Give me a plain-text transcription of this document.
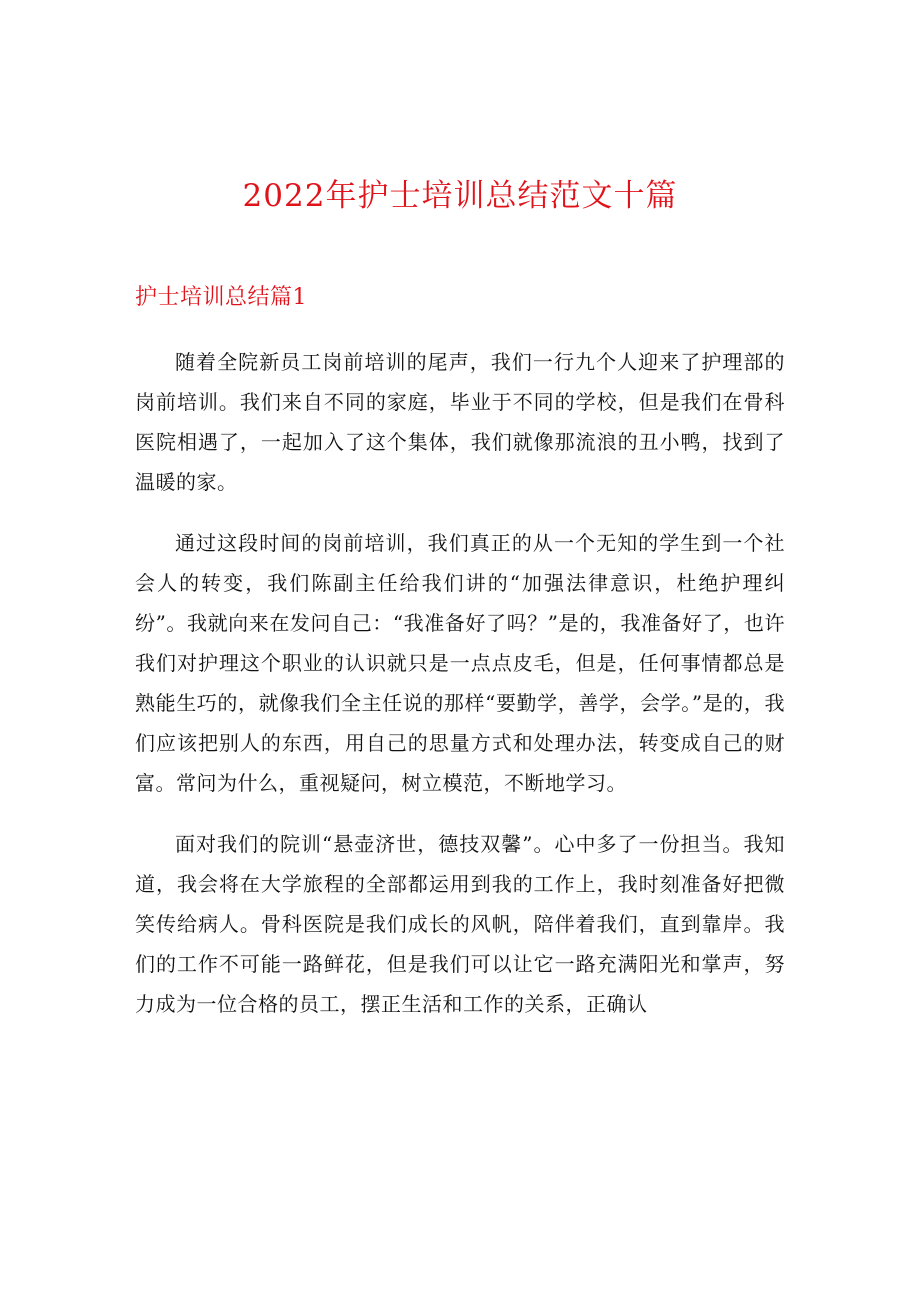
2022年护士培训总结范文十篇
护士培训总结篇1

随着全院新员工岗前培训的尾声，我们一行九个人迎来了护理部的岗前培训。我们来自不同的家庭，毕业于不同的学校，但是我们在骨科医院相遇了，一起加入了这个集体，我们就像那流浪的丑小鸭，找到了温暖的家。

通过这段时间的岗前培训，我们真正的从一个无知的学生到一个社会人的转变，我们陈副主任给我们讲的“加强法律意识，杜绝护理纠纷”。我就向来在发问自己：“我准备好了吗？”是的，我准备好了，也许我们对护理这个职业的认识就只是一点点皮毛，但是，任何事情都总是熟能生巧的，就像我们全主任说的那样“要勤学，善学，会学。”是的，我们应该把别人的东西，用自己的思量方式和处理办法，转变成自己的财富。常问为什么，重视疑问，树立模范，不断地学习。

面对我们的院训“悬壶济世，德技双馨”。心中多了一份担当。我知道，我会将在大学旅程的全部都运用到我的工作上，我时刻准备好把微笑传给病人。骨科医院是我们成长的风帆，陪伴着我们，直到靠岸。我们的工作不可能一路鲜花，但是我们可以让它一路充满阳光和掌声，努力成为一位合格的员工，摆正生活和工作的关系，正确认
